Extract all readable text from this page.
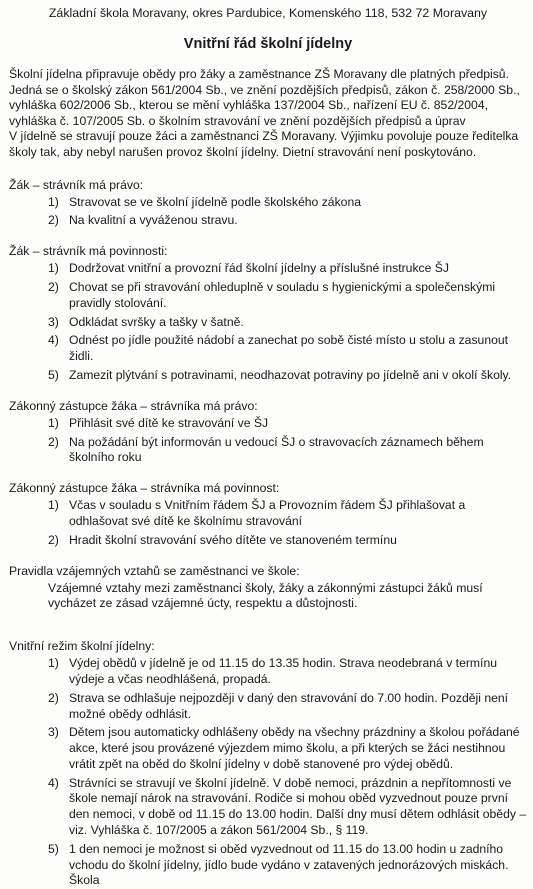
Základní škola Moravany, okres Pardubice, Komenského 118, 532 72 Moravany
Vnitřní řád školní jídelny

Školní jídelna připravuje obědy pro žáky a zaměstnance ZŠ Moravany dle platných předpisů. Jedná se o školský zákon 561/2004 Sb., ve znění pozdějších předpisů, zákon č. 258/2000 Sb., vyhláška 602/2006 Sb., kterou se mění vyhláška 137/2004 Sb., nařízení EU č. 852/2004, vyhláška č. 107/2005 Sb. o školním stravování ve znění pozdějších předpisů a úprav

V jídelně se stravují pouze žáci a zaměstnanci ZŠ Moravany. Výjimku povoluje pouze ředitelka školy tak, aby nebyl narušen provoz školní jídelny. Dietní stravování není poskytováno.

Žák – strávník má právo:
1) Stravovat se ve školní jídelně podle školského zákona
2) Na kvalitní a vyváženou stravu.
Žák – strávník má povinnosti:
1) Dodržovat vnitřní a provozní řád školní jídelny a příslušné instrukce ŠJ
2) Chovat se při stravování ohleduplně v souladu s hygienickými a společenskými pravidly stolování.
3) Odkládat svršky a tašky v šatně.
4) Odnést po jídle použité nádobí a zanechat po sobě čisté místo u stolu a zasunout židli.
5) Zamezit plýtvání s potravinami, neodhazovat potraviny po jídelně ani v okolí školy.
Zákonný zástupce žáka – strávníka má právo:
1) Přihlásit své dítě ke stravování ve ŠJ
2) Na požádání být informován u vedoucí ŠJ o stravovacích záznamech během školního roku
Zákonný zástupce žáka – strávníka má povinnost:
1) Včas v souladu s Vnitřním řádem ŠJ a Provozním řádem ŠJ přihlašovat a odhlašovat své dítě ke školnímu stravování
2) Hradit školní stravování svého dítěte ve stanoveném termínu
Pravidla vzájemných vztahů se zaměstnanci ve škole:

Vzájemné vztahy mezi zaměstnanci školy, žáky a zákonnými zástupci žáků musí vycházet ze zásad vzájemné úcty, respektu a důstojnosti.

Vnitřní režim školní jídelny:
1) Výdej obědů v jídelně je od 11.15 do 13.35 hodin. Strava neodebraná v termínu výdeje a včas neodhlášená, propadá.
2) Strava se odhlašuje nejpozději v daný den stravování do 7.00 hodin. Později není možné obědy odhlásit.
3) Dětem jsou automaticky odhlášeny obědy na všechny prázdniny a školou pořádané akce, které jsou provázené výjezdem mimo školu, a při kterých se žáci nestihnou vrátit zpět na oběd do školní jídelny v době stanovené pro výdej obědů.
4) Strávníci se stravují ve školní jídelně. V době nemoci, prázdnin a nepřítomnosti ve škole nemají nárok na stravování. Rodiče si mohou oběd vyzvednout pouze první den nemoci, v době od 11.15 do 13.00 hodin. Další dny musí dětem odhlásit obědy – viz. Vyhláška č. 107/2005 a zákon 561/2004 Sb., § 119.
5) 1 den nemoci je možnost si oběd vyzvednout od 11.15 do 13.00 hodin u zadního vchodu do školní jídelny, jídlo bude vydáno v zatavených jednorázových miskách. Škola
